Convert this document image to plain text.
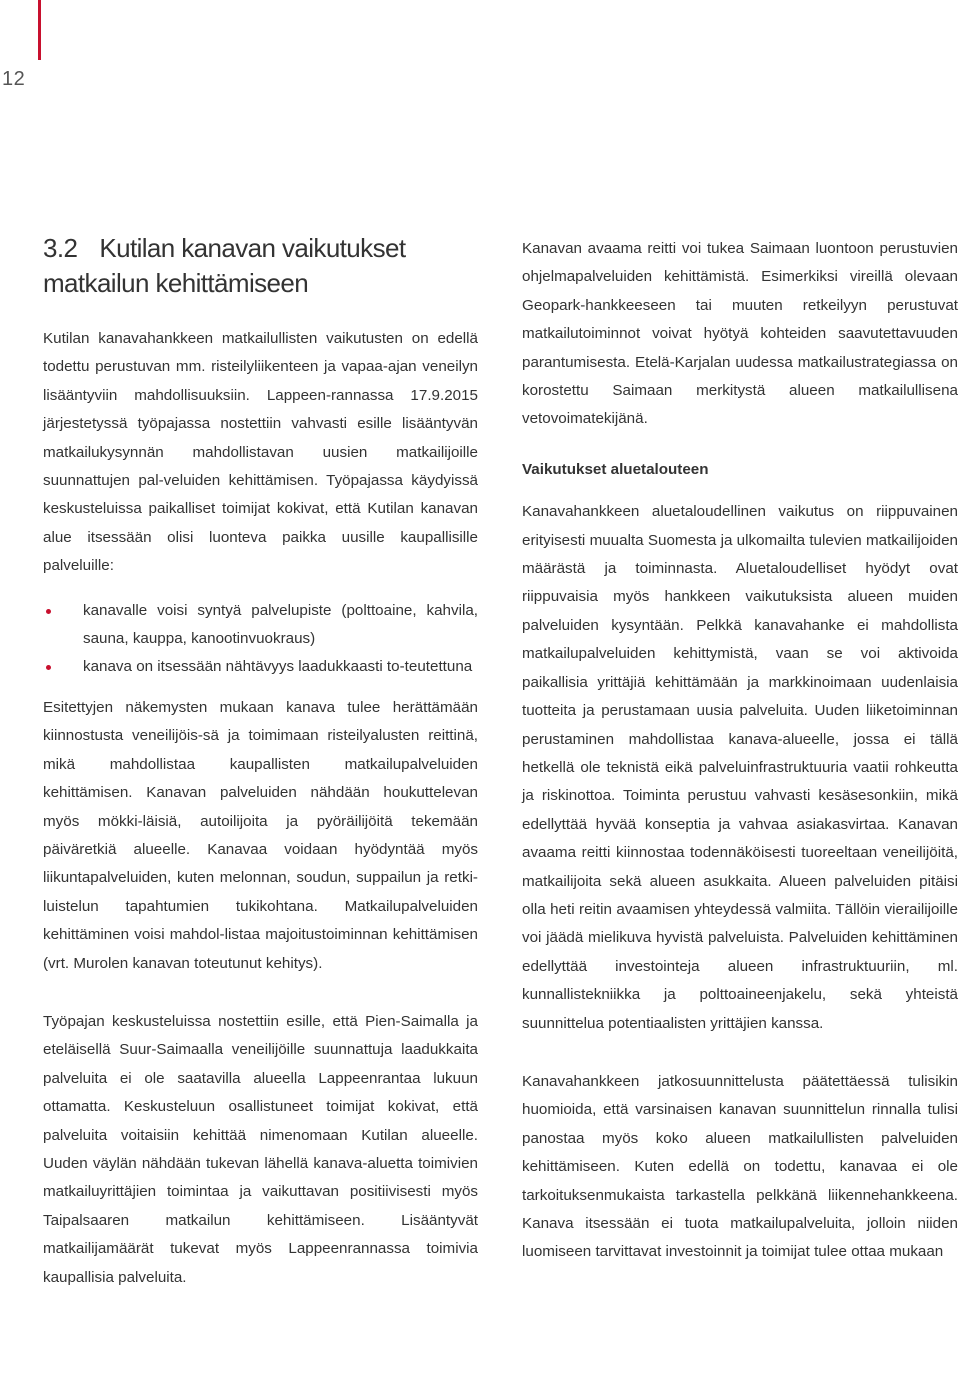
12
3.2 Kutilan kanavan vaikutukset
matkailun kehittämiseen

Kutilan kanavahankkeen matkailullisten vaikutusten on edellä todettu perustuvan mm. risteilyliikenteen ja vapaa-ajan veneilyn lisääntyviin mahdollisuuksiin. Lappeen-rannassa 17.9.2015 järjestetyssä työpajassa nostettiin vahvasti esille lisääntyvän matkailukysynnän mahdollistavan uusien matkailijoille suunnattujen pal-veluiden kehittämisen. Työpajassa käydyissä keskusteluissa paikalliset toimijat kokivat, että Kutilan kanavan alue itsessään olisi luonteva paikka uusille kaupallisille palveluille:

kanavalle voisi syntyä palvelupiste (polttoaine, kahvila, sauna, kauppa, kanootinvuokraus)
kanava on itsessään nähtävyys laadukkaasti to-teutettuna

Esitettyjen näkemysten mukaan kanava tulee herättämään kiinnostusta veneilijöis-sä ja toimimaan risteilyalusten reittinä, mikä mahdollistaa kaupallisten matkailupalveluiden kehittämisen. Kanavan palveluiden nähdään houkuttelevan myös mökki-läisiä, autoilijoita ja pyöräilijöitä tekemään päiväretkiä alueelle. Kanavaa voidaan hyödyntää myös liikuntapalveluiden, kuten melonnan, soudun, suppailun ja retki-luistelun tapahtumien tukikohtana. Matkailupalveluiden kehittäminen voisi mahdol-listaa majoitustoiminnan kehittämisen (vrt. Murolen kanavan toteutunut kehitys).

Työpajan keskusteluissa nostettiin esille, että Pien-Saimalla ja eteläisellä Suur-Saimaalla veneilijöille suunnattuja laadukkaita palveluita ei ole saatavilla alueella Lappeenrantaa lukuun ottamatta. Keskusteluun osallistuneet toimijat kokivat, että palveluita voitaisiin kehittää nimenomaan Kutilan alueelle. Uuden väylän nähdään tukevan lähellä kanava-aluetta toimivien matkailuyrittäjien toimintaa ja vaikuttavan positiivisesti myös Taipalsaaren matkailun kehittämiseen. Lisääntyvät matkailijamäärät tukevat myös Lappeenrannassa toimivia kaupallisia palveluita.

Kanavan avaama reitti voi tukea Saimaan luontoon perustuvien ohjelmapalveluiden kehittämistä. Esimerkiksi vireillä olevaan Geopark-hankkeeseen tai muuten retkeilyyn perustuvat matkailutoiminnot voivat hyötyä kohteiden saavutettavuuden parantumisesta. Etelä-Karjalan uudessa matkailustrategiassa on korostettu Saimaan merkitystä alueen matkailullisena vetovoimatekijänä.

Vaikutukset aluetalouteen

Kanavahankkeen aluetaloudellinen vaikutus on riippuvainen erityisesti muualta Suomesta ja ulkomailta tulevien matkailijoiden määrästä ja toiminnasta. Aluetaloudelliset hyödyt ovat riippuvaisia myös hankkeen vaikutuksista alueen muiden palveluiden kysyntään. Pelkkä kanavahanke ei mahdollista matkailupalveluiden kehittymistä, vaan se voi aktivoida paikallisia yrittäjiä kehittämään ja markkinoimaan uudenlaisia tuotteita ja perustamaan uusia palveluita. Uuden liiketoiminnan perustaminen mahdollistaa kanava-alueelle, jossa ei tällä hetkellä ole teknistä eikä palveluinfrastruktuuria vaatii rohkeutta ja riskinottoa. Toiminta perustuu vahvasti kesäsesonkiin, mikä edellyttää hyvää konseptia ja vahvaa asiakasvirtaa. Kanavan avaama reitti kiinnostaa todennäköisesti tuoreeltaan veneilijöitä, matkailijoita sekä alueen asukkaita. Alueen palveluiden pitäisi olla heti reitin avaamisen yhteydessä valmiita. Tällöin vierailijoille voi jäädä mielikuva hyvistä palveluista. Palveluiden kehittäminen edellyttää investointeja alueen infrastruktuuriin, ml. kunnallistekniikka ja polttoaineenjakelu, sekä yhteistä suunnittelua potentiaalisten yrittäjien kanssa.

Kanavahankkeen jatkosuunnittelusta päätettäessä tulisikin huomioida, että varsinaisen kanavan suunnittelun rinnalla tulisi panostaa myös koko alueen matkailullisten palveluiden kehittämiseen. Kuten edellä on todettu, kanavaa ei ole tarkoituksenmukaista tarkastella pelkkänä liikennehankkeena. Kanava itsessään ei tuota matkailupalveluita, jolloin niiden luomiseen tarvittavat investoinnit ja toimijat tulee ottaa mukaan
